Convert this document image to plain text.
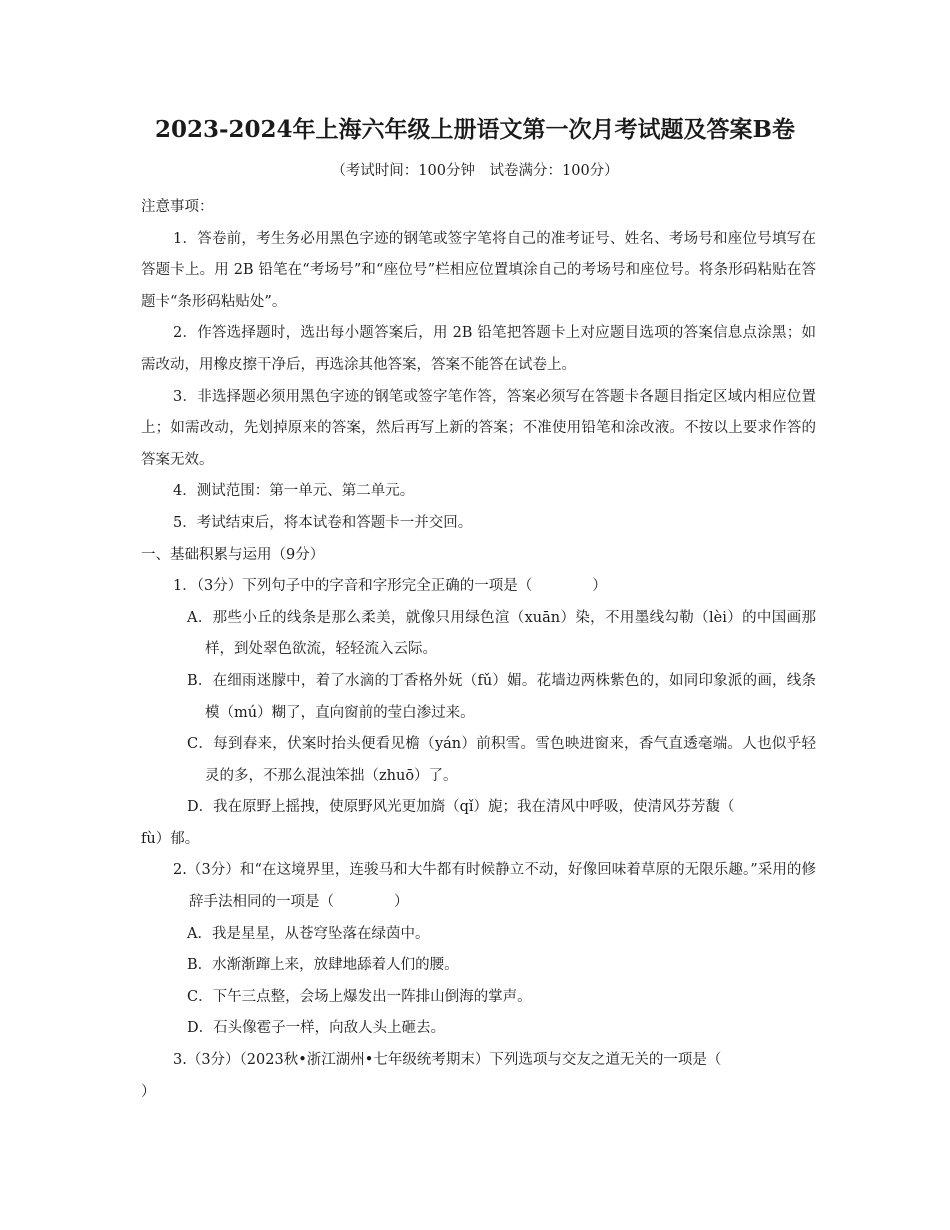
2023-2024年上海六年级上册语文第一次月考试题及答案B卷
（考试时间：100分钟　试卷满分：100分）

注意事项：

1．答卷前，考生务必用黑色字迹的钢笔或签字笔将自己的准考证号、姓名、考场号和座位号填写在答题卡上。用 2B 铅笔在“考场号”和“座位号”栏相应位置填涂自己的考场号和座位号。将条形码粘贴在答题卡“条形码粘贴处”。

2．作答选择题时，选出每小题答案后，用 2B 铅笔把答题卡上对应题目选项的答案信息点涂黑；如需改动，用橡皮擦干净后，再选涂其他答案，答案不能答在试卷上。

3．非选择题必须用黑色字迹的钢笔或签字笔作答，答案必须写在答题卡各题目指定区域内相应位置上；如需改动，先划掉原来的答案，然后再写上新的答案；不准使用铅笔和涂改液。不按以上要求作答的答案无效。

4．测试范围：第一单元、第二单元。

5．考试结束后，将本试卷和答题卡一并交回。

一、基础积累与运用（9分）

1．（3分）下列句子中的字音和字形完全正确的一项是（	）

A．那些小丘的线条是那么柔美，就像只用绿色渲（xuān）染，不用墨线勾勒（lèi）的中国画那样，到处翠色欲流，轻轻流入云际。

B．在细雨迷朦中，着了水滴的丁香格外妩（fǔ）媚。花墙边两株紫色的，如同印象派的画，线条模（mú）糊了，直向窗前的莹白渗过来。

C．每到春来，伏案时抬头便看见檐（yán）前积雪。雪色映进窗来，香气直透毫端。人也似乎轻灵的多，不那么混浊笨拙（zhuō）了。

D．我在原野上摇拽，使原野风光更加旖（qǐ）旎；我在清风中呼吸，使清风芬芳馥（

fù）郁。

2.（3分）和“在这境界里，连骏马和大牛都有时候静立不动，好像回味着草原的无限乐趣。”采用的修辞手法相同的一项是（	）

A．我是星星，从苍穹坠落在绿茵中。

B．水渐渐蹿上来，放肆地舔着人们的腰。

C．下午三点整，会场上爆发出一阵排山倒海的掌声。

D．石头像雹子一样，向敌人头上砸去。

3.（3分）（2023秋•浙江湖州•七年级统考期末）下列选项与交友之道无关的一项是（

）
